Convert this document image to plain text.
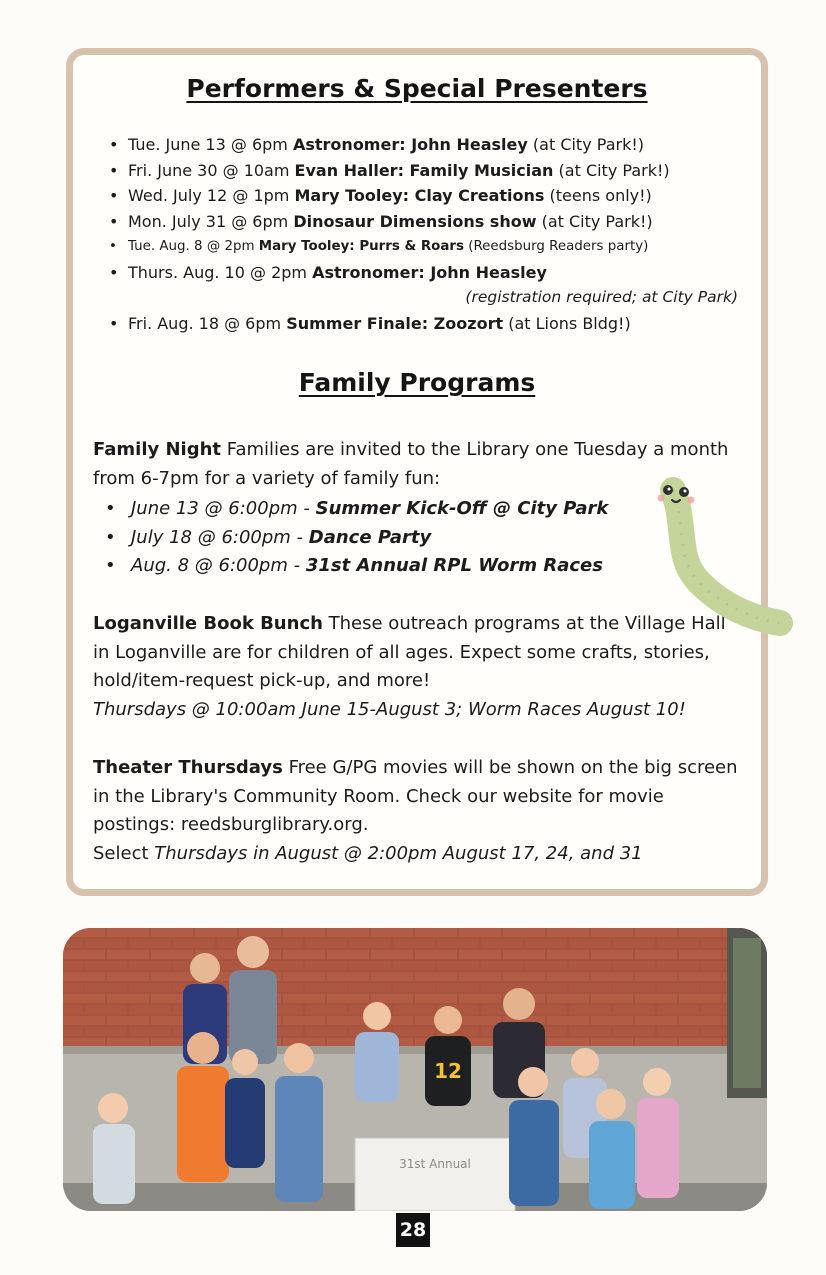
Performers & Special Presenters
• Tue. June 13 @ 6pm Astronomer: John Heasley (at City Park!)
• Fri. June 30 @ 10am Evan Haller: Family Musician (at City Park!)
• Wed. July 12 @ 1pm Mary Tooley: Clay Creations (teens only!)
• Mon. July 31 @ 6pm Dinosaur Dimensions show (at City Park!)
• Tue. Aug. 8 @ 2pm Mary Tooley: Purrs & Roars (Reedsburg Readers party)
• Thurs. Aug. 10 @ 2pm Astronomer: John Heasley
(registration required; at City Park)
• Fri. Aug. 18 @ 6pm Summer Finale: Zoozort (at Lions Bldg!)
Family Programs
Family Night Families are invited to the Library one Tuesday a month from 6-7pm for a variety of family fun:
• June 13 @ 6:00pm - Summer Kick-Off @ City Park
• July 18 @ 6:00pm - Dance Party
• Aug. 8 @ 6:00pm - 31st Annual RPL Worm Races
Loganville Book Bunch These outreach programs at the Village Hall in Loganville are for children of all ages. Expect some crafts, stories, hold/item-request pick-up, and more!
Thursdays @ 10:00am June 15-August 3; Worm Races August 10!
Theater Thursdays Free G/PG movies will be shown on the big screen in the Library's Community Room. Check our website for movie postings: reedsburglibrary.org.
Select Thursdays in August @ 2:00pm August 17, 24, and 31
31st Annual
12
28
